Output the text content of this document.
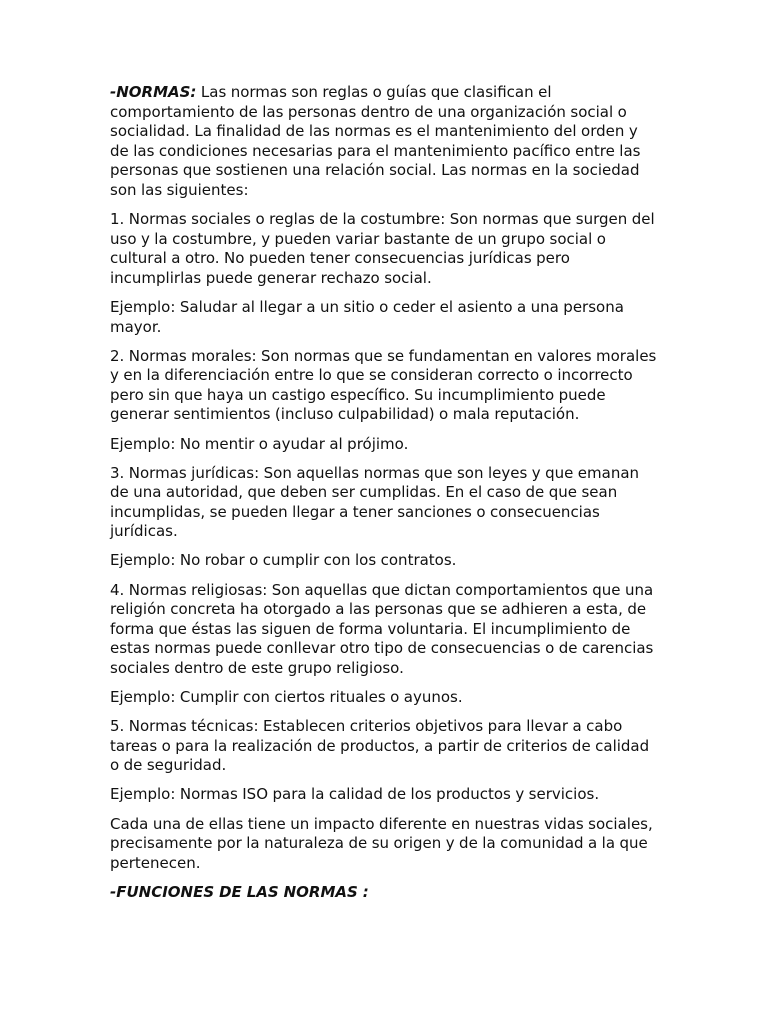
-NORMAS: Las normas son reglas o guías que clasifican el comportamiento de las personas dentro de una organización social o socialidad. La finalidad de las normas es el mantenimiento del orden y de las condiciones necesarias para el mantenimiento pacífico entre las personas que sostienen una relación social. Las normas en la sociedad son las siguientes:

1. Normas sociales o reglas de la costumbre: Son normas que surgen del uso y la costumbre, y pueden variar bastante de un grupo social o cultural a otro. No pueden tener consecuencias jurídicas pero incumplirlas puede generar rechazo social.

Ejemplo: Saludar al llegar a un sitio o ceder el asiento a una persona mayor.

2. Normas morales: Son normas que se fundamentan en valores morales y en la diferenciación entre lo que se consideran correcto o incorrecto pero sin que haya un castigo específico. Su incumplimiento puede generar sentimientos (incluso culpabilidad) o mala reputación.

Ejemplo: No mentir o ayudar al prójimo.

3. Normas jurídicas: Son aquellas normas que son leyes y que emanan de una autoridad, que deben ser cumplidas. En el caso de que sean incumplidas, se pueden llegar a tener sanciones o consecuencias jurídicas.

Ejemplo: No robar o cumplir con los contratos.

4. Normas religiosas: Son aquellas que dictan comportamientos que una religión concreta ha otorgado a las personas que se adhieren a esta, de forma que éstas las siguen de forma voluntaria. El incumplimiento de estas normas puede conllevar otro tipo de consecuencias o de carencias sociales dentro de este grupo religioso.

Ejemplo: Cumplir con ciertos rituales o ayunos.

5. Normas técnicas: Establecen criterios objetivos para llevar a cabo tareas o para la realización de productos, a partir de criterios de calidad o de seguridad.

Ejemplo: Normas ISO para la calidad de los productos y servicios.

Cada una de ellas tiene un impacto diferente en nuestras vidas sociales, precisamente por la naturaleza de su origen y de la comunidad a la que pertenecen.

-FUNCIONES DE LAS NORMAS :
